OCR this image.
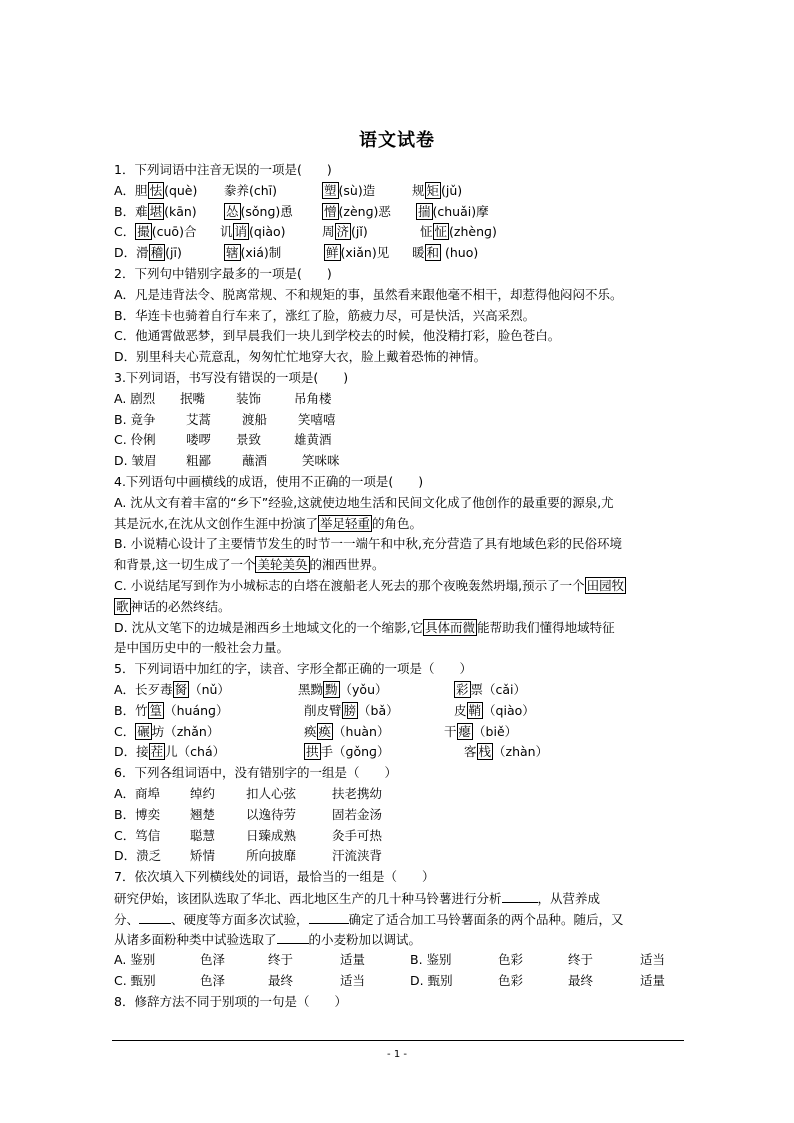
语文试卷
1．下列词语中注音无误的一项是(　　)
A．胆 怯 (què) 豢养(chī)	塑 (sù)造	规 矩 (jǔ)
B．难 堪 (kān) 怂 (sǒnɡ)恿 憎 (zènɡ)恶 揣 (chuǎi)摩
C． 撮 (cuō)合 讥 诮 (qiào)	周 济 (jǐ)	怔 怔 (zhènɡ)
D．滑 稽 (jī)	辖 (xiá)制	鲜 (xiǎn)见 暖 和 (huo)
2．下列句中错别字最多的一项是(　　)
A．凡是违背法令、脱离常规、不和规矩的事，虽然看来跟他毫不相干，却惹得他闷闷不乐。
B．华连卡也骑着自行车来了，涨红了脸，筋疲力尽，可是快活，兴高采烈。
C．他通霄做恶梦，到早晨我们一块儿到学校去的时候，他没精打彩，脸色苍白。
D．别里科夫心荒意乱，匆匆忙忙地穿大衣，脸上戴着恐怖的神情。
3.下列词语，书写没有错误的一项是(　　)
A. 剧烈 抿嘴 装饰	吊角楼
B. 竟争 艾蒿 渡船 笑嘻嘻
C. 伶俐 喽啰 景致	雄黄酒
D. 皱眉 粗鄙 蘸酒	笑咪咪
4.下列语句中画横线的成语，使用不正确的一项是(　　)
A. 沈从文有着丰富的“乡下”经验,这就使边地生活和民间文化成了他创作的最重要的源泉,尤
其是沅水,在沈从文创作生涯中扮演了 举足轻重 的角色。
B. 小说精心设计了主要情节发生的时节一一端午和中秋,充分营造了具有地域色彩的民俗环境
和背景,这一切生成了一个 美轮美奂 的湘西世界。
C. 小说结尾写到作为小城标志的白塔在渡船老人死去的那个夜晚轰然坍塌,预示了一个 田园牧
歌 神话的必然终结。
D. 沈从文笔下的边城是湘西乡土地域文化的一个缩影,它 具体而微 能帮助我们懂得地域特征
是中国历史中的一般社会力量。
5．下列词语中加红的字，读音、字形全都正确的一项是（　　）
A．长歹毒 胬 （nǔ）	黑黝 黝 （yǒu）	彩 票（cǎi）
B．竹 篁 （huánɡ）	削皮臂 膀 （bǎ）	皮 鞘 （qiào）
C． 碾 坊（zhǎn）	痪 痪 （huàn）	干 瘪 （biě）
D．接 茬 儿（chá）	拱 手（ɡǒnɡ）	客 栈 （zhàn）
6．下列各组词语中，没有错别字的一组是（　　）
A．商埠 绰约 扣人心弦	扶老携幼
B．博奕 翘楚 以逸待劳	固若金汤
C．笃信 聪慧 日臻成熟	灸手可热
D．溃乏 矫情 所向披靡	汗流浃背
7．依次填入下列横线处的词语，最恰当的一组是（　　）
研究伊始，该团队选取了华北、西北地区生产的几十种马铃薯进行分析	，从营养成
分、	、硬度等方面多次试验，	确定了适合加工马铃薯面条的两个品种。随后，又
从诸多面粉种类中试验选取了	的小麦粉加以调试。
A. 鉴别	色泽	终于	适量	B. 鉴别	色彩	终于	适当
C. 甄别	色泽	最终	适当	D. 甄别	色彩	最终	适量
8．修辞方法不同于别项的一句是（　　）
- 1 -
